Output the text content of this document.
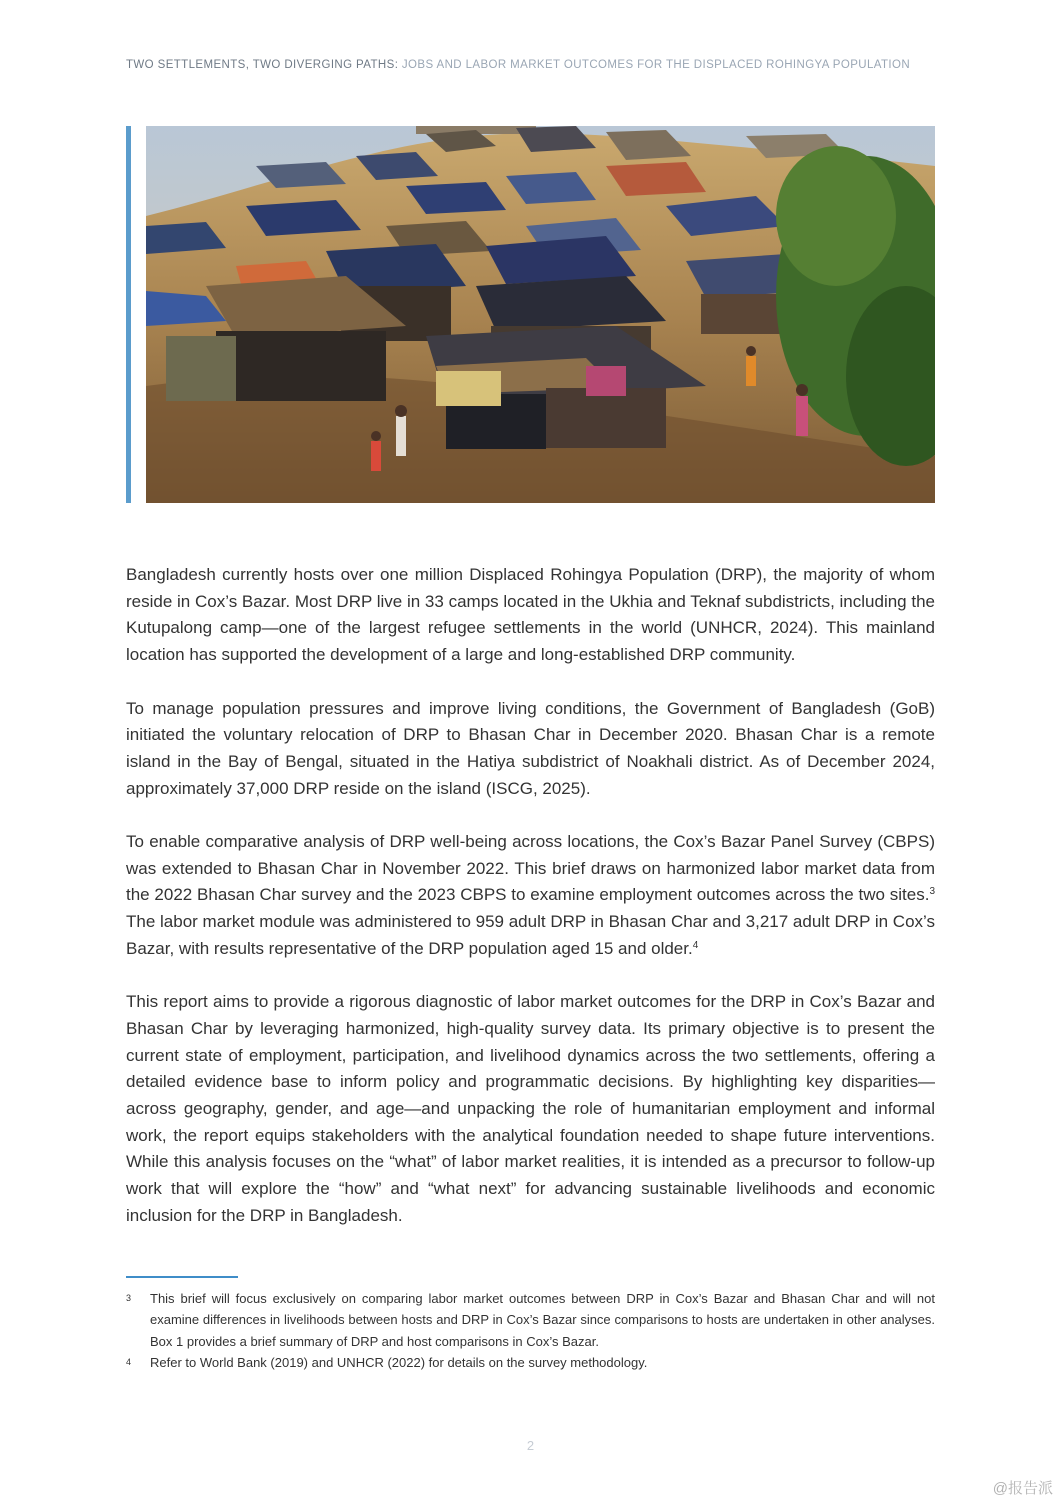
TWO SETTLEMENTS, TWO DIVERGING PATHS: JOBS AND LABOR MARKET OUTCOMES FOR THE DISPLACED ROHINGYA POPULATION

Bangladesh currently hosts over one million Displaced Rohingya Population (DRP), the majority of whom reside in Cox’s Bazar. Most DRP live in 33 camps located in the Ukhia and Teknaf subdistricts, including the Kutupalong camp—one of the largest refugee settlements in the world (UNHCR, 2024). This mainland location has supported the development of a large and long-established DRP community.

To manage population pressures and improve living conditions, the Government of Bangladesh (GoB) initiated the voluntary relocation of DRP to Bhasan Char in December 2020. Bhasan Char is a remote island in the Bay of Bengal, situated in the Hatiya subdistrict of Noakhali district. As of December 2024, approximately 37,000 DRP reside on the island (ISCG, 2025).

To enable comparative analysis of DRP well-being across locations, the Cox’s Bazar Panel Survey (CBPS) was extended to Bhasan Char in November 2022. This brief draws on harmonized labor market data from the 2022 Bhasan Char survey and the 2023 CBPS to examine employment outcomes across the two sites.$^3$ The labor market module was administered to 959 adult DRP in Bhasan Char and 3,217 adult DRP in Cox’s Bazar, with results representative of the DRP population aged 15 and older.$^4$

This report aims to provide a rigorous diagnostic of labor market outcomes for the DRP in Cox’s Bazar and Bhasan Char by leveraging harmonized, high-quality survey data. Its primary objective is to present the current state of employment, participation, and livelihood dynamics across the two settlements, offering a detailed evidence base to inform policy and programmatic decisions. By highlighting key disparities—across geography, gender, and age—and unpacking the role of humanitarian employment and informal work, the report equips stakeholders with the analytical foundation needed to shape future interventions. While this analysis focuses on the “what” of labor market realities, it is intended as a precursor to follow-up work that will explore the “how” and “what next” for advancing sustainable livelihoods and economic inclusion for the DRP in Bangladesh.

3 This brief will focus exclusively on comparing labor market outcomes between DRP in Cox’s Bazar and Bhasan Char and will not examine differences in livelihoods between hosts and DRP in Cox’s Bazar since comparisons to hosts are undertaken in other analyses. Box 1 provides a brief summary of DRP and host comparisons in Cox’s Bazar.
4 Refer to World Bank (2019) and UNHCR (2022) for details on the survey methodology.
2
@报告派
